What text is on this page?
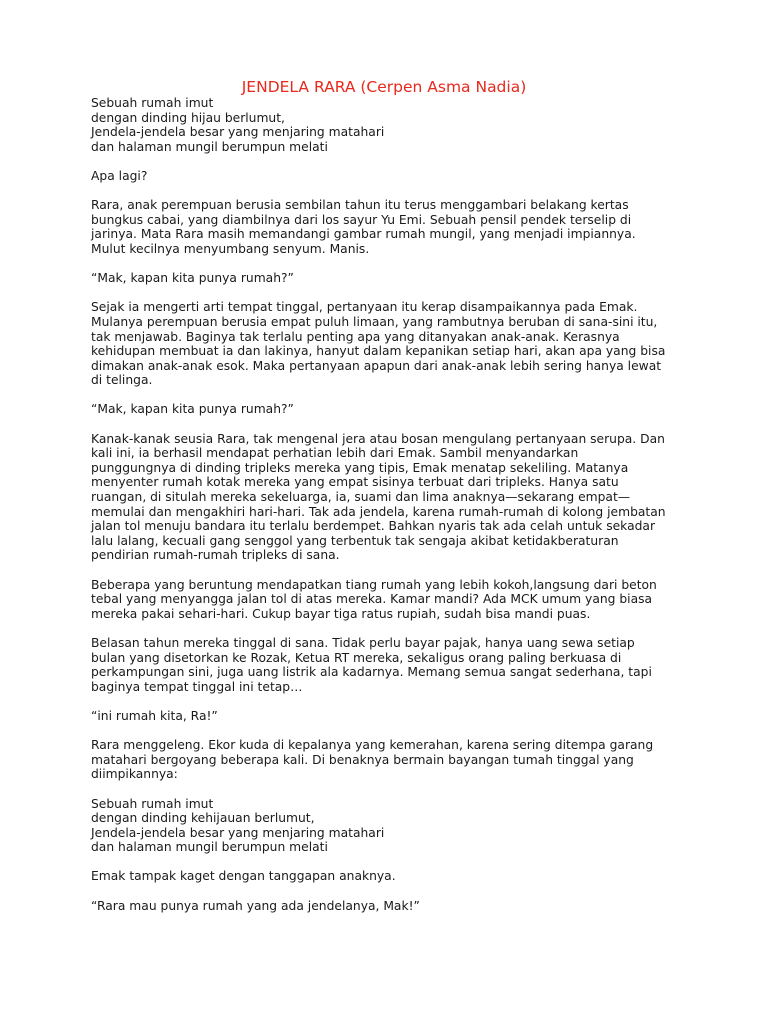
JENDELA RARA (Cerpen Asma Nadia)

Sebuah rumah imut
dengan dinding hijau berlumut,
Jendela-jendela besar yang menjaring matahari
dan halaman mungil berumpun melati

Apa lagi?

Rara, anak perempuan berusia sembilan tahun itu terus menggambari belakang kertas
bungkus cabai, yang diambilnya dari los sayur Yu Emi. Sebuah pensil pendek terselip di
jarinya. Mata Rara masih memandangi gambar rumah mungil, yang menjadi impiannya.
Mulut kecilnya menyumbang senyum. Manis.

“Mak, kapan kita punya rumah?”

Sejak ia mengerti arti tempat tinggal, pertanyaan itu kerap disampaikannya pada Emak.
Mulanya perempuan berusia empat puluh limaan, yang rambutnya beruban di sana-sini itu,
tak menjawab. Baginya tak terlalu penting apa yang ditanyakan anak-anak. Kerasnya
kehidupan membuat ia dan lakinya, hanyut dalam kepanikan setiap hari, akan apa yang bisa
dimakan anak-anak esok. Maka pertanyaan apapun dari anak-anak lebih sering hanya lewat
di telinga.

“Mak, kapan kita punya rumah?”

Kanak-kanak seusia Rara, tak mengenal jera atau bosan mengulang pertanyaan serupa. Dan
kali ini, ia berhasil mendapat perhatian lebih dari Emak. Sambil menyandarkan
punggungnya di dinding tripleks mereka yang tipis, Emak menatap sekeliling. Matanya
menyenter rumah kotak mereka yang empat sisinya terbuat dari tripleks. Hanya satu
ruangan, di situlah mereka sekeluarga, ia, suami dan lima anaknya—sekarang empat—
memulai dan mengakhiri hari-hari. Tak ada jendela, karena rumah-rumah di kolong jembatan
jalan tol menuju bandara itu terlalu berdempet. Bahkan nyaris tak ada celah untuk sekadar
lalu lalang, kecuali gang senggol yang terbentuk tak sengaja akibat ketidakberaturan
pendirian rumah-rumah tripleks di sana.

Beberapa yang beruntung mendapatkan tiang rumah yang lebih kokoh,langsung dari beton
tebal yang menyangga jalan tol di atas mereka. Kamar mandi? Ada MCK umum yang biasa
mereka pakai sehari-hari. Cukup bayar tiga ratus rupiah, sudah bisa mandi puas.

Belasan tahun mereka tinggal di sana. Tidak perlu bayar pajak, hanya uang sewa setiap
bulan yang disetorkan ke Rozak, Ketua RT mereka, sekaligus orang paling berkuasa di
perkampungan sini, juga uang listrik ala kadarnya. Memang semua sangat sederhana, tapi
baginya tempat tinggal ini tetap…

“ini rumah kita, Ra!”

Rara menggeleng. Ekor kuda di kepalanya yang kemerahan, karena sering ditempa garang
matahari bergoyang beberapa kali. Di benaknya bermain bayangan tumah tinggal yang
diimpikannya:

Sebuah rumah imut
dengan dinding kehijauan berlumut,
Jendela-jendela besar yang menjaring matahari
dan halaman mungil berumpun melati

Emak tampak kaget dengan tanggapan anaknya.

“Rara mau punya rumah yang ada jendelanya, Mak!”
